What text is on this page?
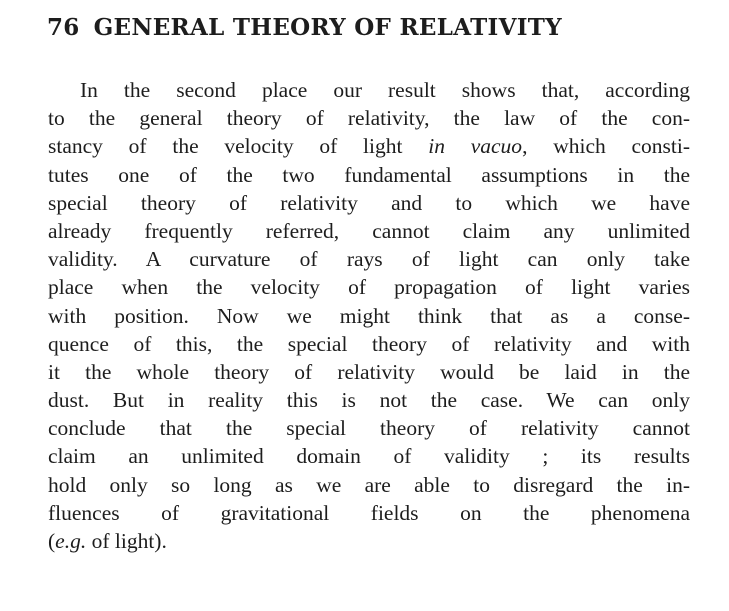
76 GENERAL THEORY OF RELATIVITY
In the second place our result shows that, according
to the general theory of relativity, the law of the con-
stancy of the velocity of light in vacuo, which consti-
tutes one of the two fundamental assumptions in the
special theory of relativity and to which we have
already frequently referred, cannot claim any unlimited
validity. A curvature of rays of light can only take
place when the velocity of propagation of light varies
with position. Now we might think that as a conse-
quence of this, the special theory of relativity and with
it the whole theory of relativity would be laid in the
dust. But in reality this is not the case. We can only
conclude that the special theory of relativity cannot
claim an unlimited domain of validity ; its results
hold only so long as we are able to disregard the in-
fluences of gravitational fields on the phenomena
(e.g. of light).
